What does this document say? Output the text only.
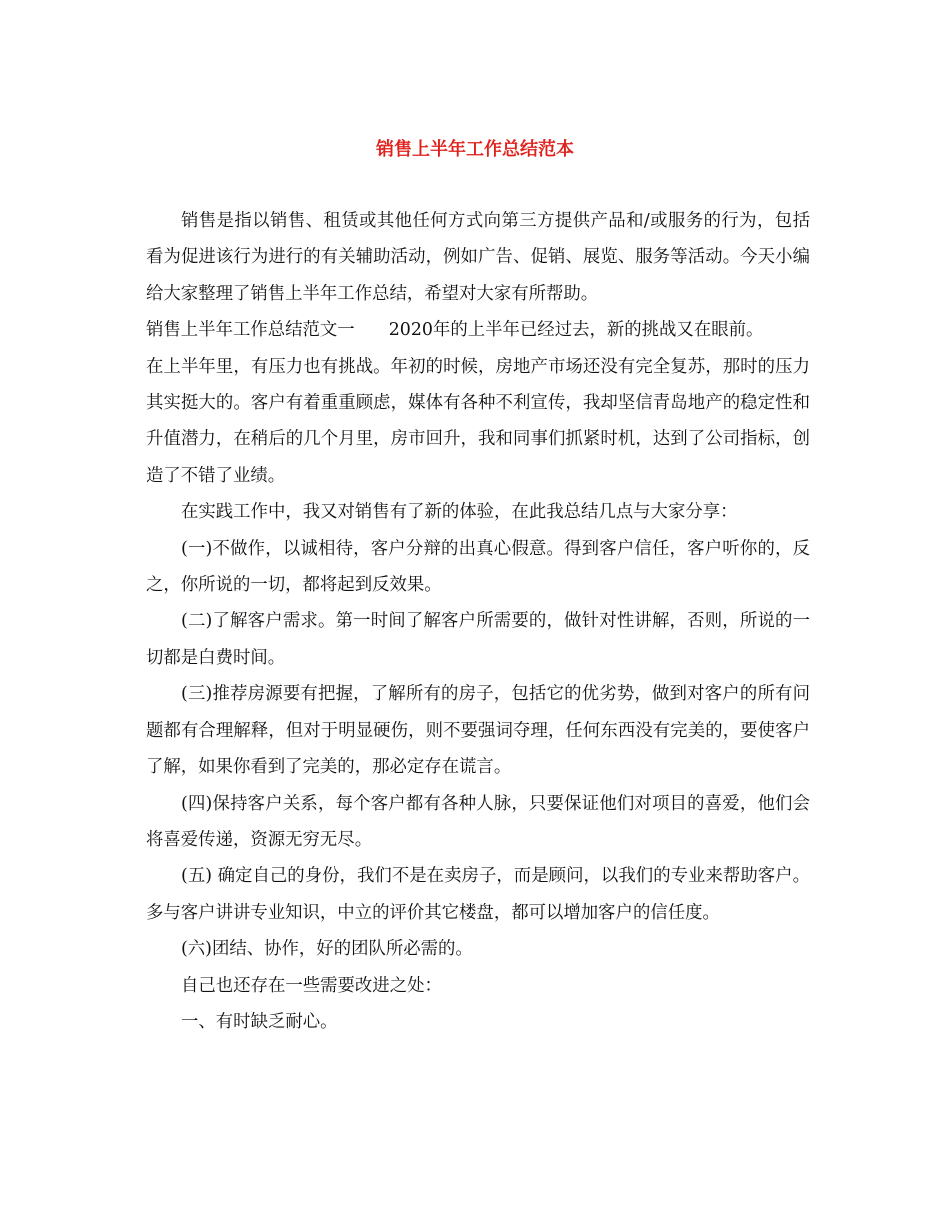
销售上半年工作总结范本

销售是指以销售、租赁或其他任何方式向第三方提供产品和/或服务的行为，包括看为促进该行为进行的有关辅助活动，例如广告、促销、展览、服务等活动。今天小编给大家整理了销售上半年工作总结，希望对大家有所帮助。

销售上半年工作总结范文一 2020年的上半年已经过去，新的挑战又在眼前。

在上半年里，有压力也有挑战。年初的时候，房地产市场还没有完全复苏，那时的压力其实挺大的。客户有着重重顾虑，媒体有各种不利宣传，我却坚信青岛地产的稳定性和升值潜力，在稍后的几个月里，房市回升，我和同事们抓紧时机，达到了公司指标，创造了不错了业绩。

在实践工作中，我又对销售有了新的体验，在此我总结几点与大家分享：

(一)不做作，以诚相待，客户分辩的出真心假意。得到客户信任，客户听你的，反之，你所说的一切，都将起到反效果。

(二)了解客户需求。第一时间了解客户所需要的，做针对性讲解，否则，所说的一切都是白费时间。

(三)推荐房源要有把握，了解所有的房子，包括它的优劣势，做到对客户的所有问题都有合理解释，但对于明显硬伤，则不要强词夺理，任何东西没有完美的，要使客户了解，如果你看到了完美的，那必定存在谎言。

(四)保持客户关系，每个客户都有各种人脉，只要保证他们对项目的喜爱，他们会将喜爱传递，资源无穷无尽。

(五) 确定自己的身份，我们不是在卖房子，而是顾问，以我们的专业来帮助客户。多与客户讲讲专业知识，中立的评价其它楼盘，都可以增加客户的信任度。

(六)团结、协作，好的团队所必需的。

自己也还存在一些需要改进之处：

一、有时缺乏耐心。
